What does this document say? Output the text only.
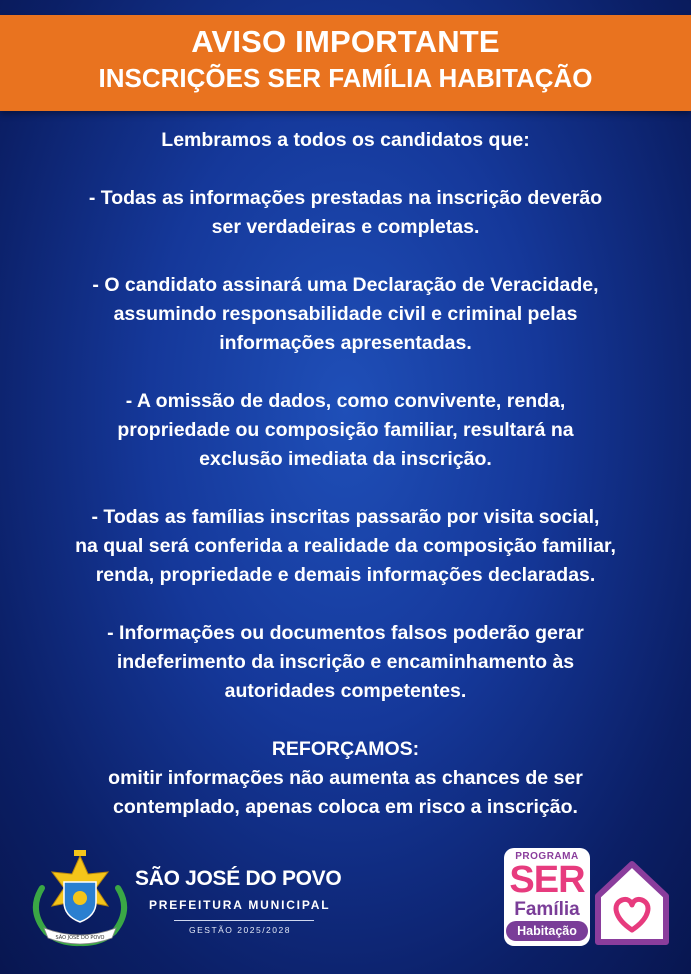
AVISO IMPORTANTE
INSCRIÇÕES SER FAMÍLIA HABITAÇÃO

Lembramos a todos os candidatos que:

- Todas as informações prestadas na inscrição deverão
ser verdadeiras e completas.

- O candidato assinará uma Declaração de Veracidade,
assumindo responsabilidade civil e criminal pelas
informações apresentadas.

- A omissão de dados, como convivente, renda,
propriedade ou composição familiar, resultará na
exclusão imediata da inscrição.

- Todas as famílias inscritas passarão por visita social,
na qual será conferida a realidade da composição familiar,
renda, propriedade e demais informações declaradas.

- Informações ou documentos falsos poderão gerar
indeferimento da inscrição e encaminhamento às
autoridades competentes.

REFORÇAMOS:
omitir informações não aumenta as chances de ser
contemplado, apenas coloca em risco a inscrição.

SÃO JOSÉ DO POVO
SÃO JOSÉ DO POVO
PREFEITURA MUNICIPAL
GESTÃO 2025/2028
PROGRAMA
SER
Família
Habitação
